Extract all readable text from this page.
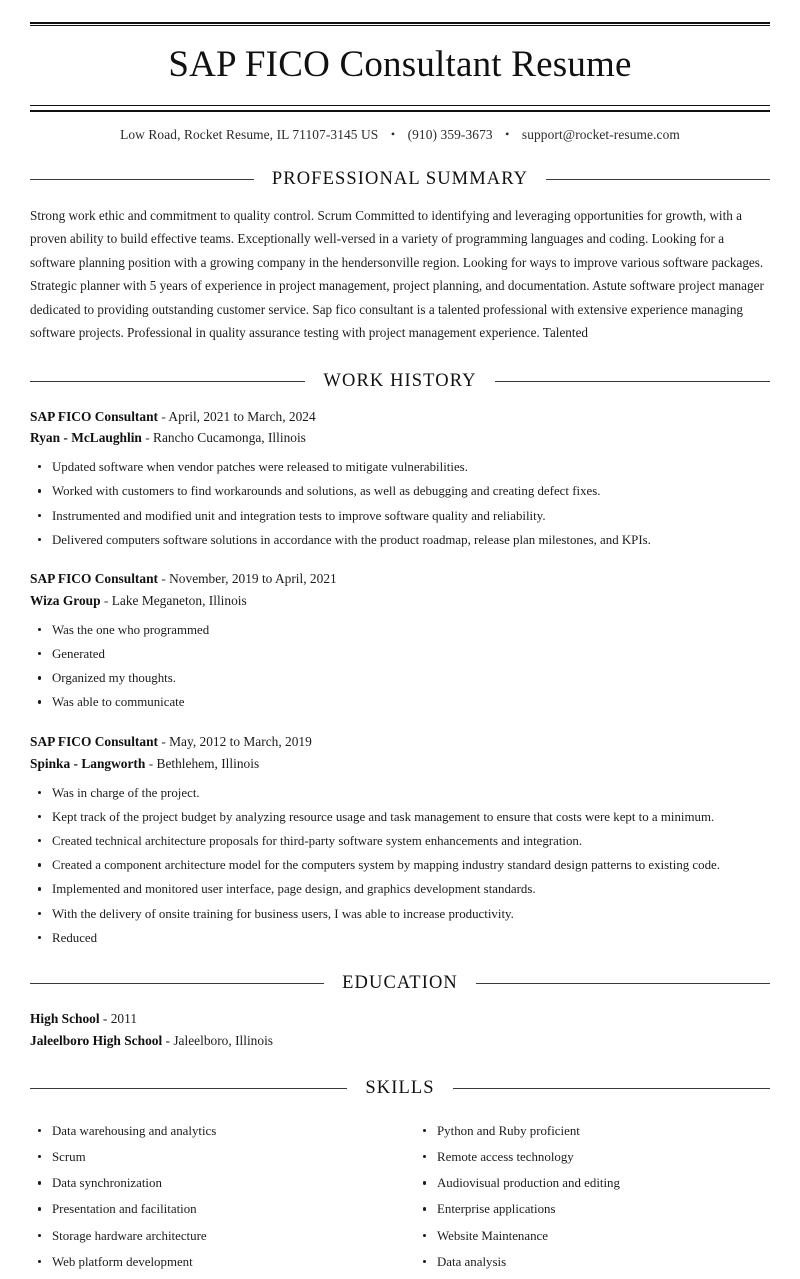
SAP FICO Consultant Resume
Low Road, Rocket Resume, IL 71107-3145 US • (910) 359-3673 • support@rocket-resume.com
PROFESSIONAL SUMMARY

Strong work ethic and commitment to quality control. Scrum Committed to identifying and leveraging opportunities for growth, with a proven ability to build effective teams. Exceptionally well-versed in a variety of programming languages and coding. Looking for a software planning position with a growing company in the hendersonville region. Looking for ways to improve various software packages. Strategic planner with 5 years of experience in project management, project planning, and documentation. Astute software project manager dedicated to providing outstanding customer service. Sap fico consultant is a talented professional with extensive experience managing software projects. Professional in quality assurance testing with project management experience. Talented

WORK HISTORY
SAP FICO Consultant - April, 2021 to March, 2024
Ryan - McLaughlin - Rancho Cucamonga, Illinois
Updated software when vendor patches were released to mitigate vulnerabilities.
Worked with customers to find workarounds and solutions, as well as debugging and creating defect fixes.
Instrumented and modified unit and integration tests to improve software quality and reliability.
Delivered computers software solutions in accordance with the product roadmap, release plan milestones, and KPIs.
SAP FICO Consultant - November, 2019 to April, 2021
Wiza Group - Lake Meganeton, Illinois
Was the one who programmed
Generated
Organized my thoughts.
Was able to communicate
SAP FICO Consultant - May, 2012 to March, 2019
Spinka - Langworth - Bethlehem, Illinois
Was in charge of the project.
Kept track of the project budget by analyzing resource usage and task management to ensure that costs were kept to a minimum.
Created technical architecture proposals for third-party software system enhancements and integration.
Created a component architecture model for the computers system by mapping industry standard design patterns to existing code.
Implemented and monitored user interface, page design, and graphics development standards.
With the delivery of onsite training for business users, I was able to increase productivity.
Reduced
EDUCATION
High School - 2011
Jaleelboro High School - Jaleelboro, Illinois
SKILLS
Data warehousing and analytics
Scrum
Data synchronization
Presentation and facilitation
Storage hardware architecture
Web platform development
Python and Ruby proficient
Remote access technology
Audiovisual production and editing
Enterprise applications
Website Maintenance
Data analysis
